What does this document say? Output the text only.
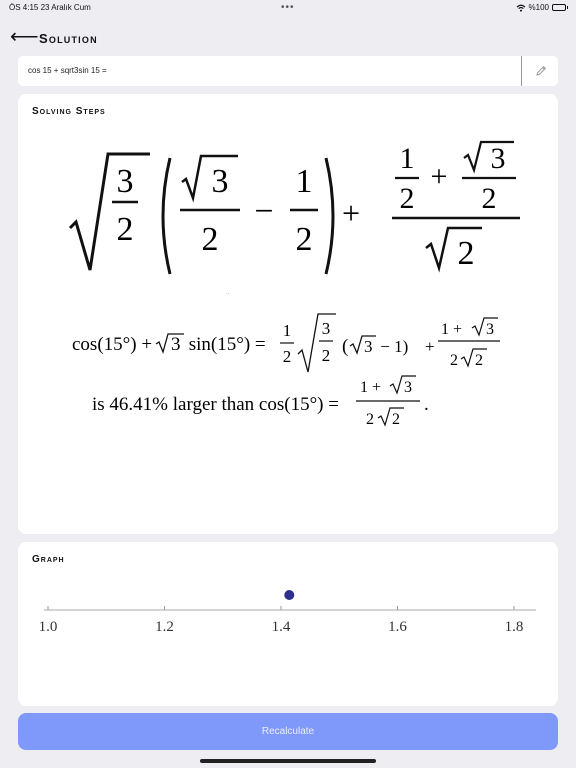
ÖS 4:15 23 Aralık Cum	•••	%100
⟵ Solution
cos 15 + sqrt3sin 15 =
Solving Steps
3
2
3
2
−
1
2
+
1
2
+
3
2
2
..
cos(15°) + 3 sin(15°) =
1
2
3
2 ( 3 − 1) +
1 + 3
2 2
is 46.41% larger than cos(15°) =
1 + 3
2 2
.
Graph
1.0	1.2	1.4	1.6	1.8
Recalculate
